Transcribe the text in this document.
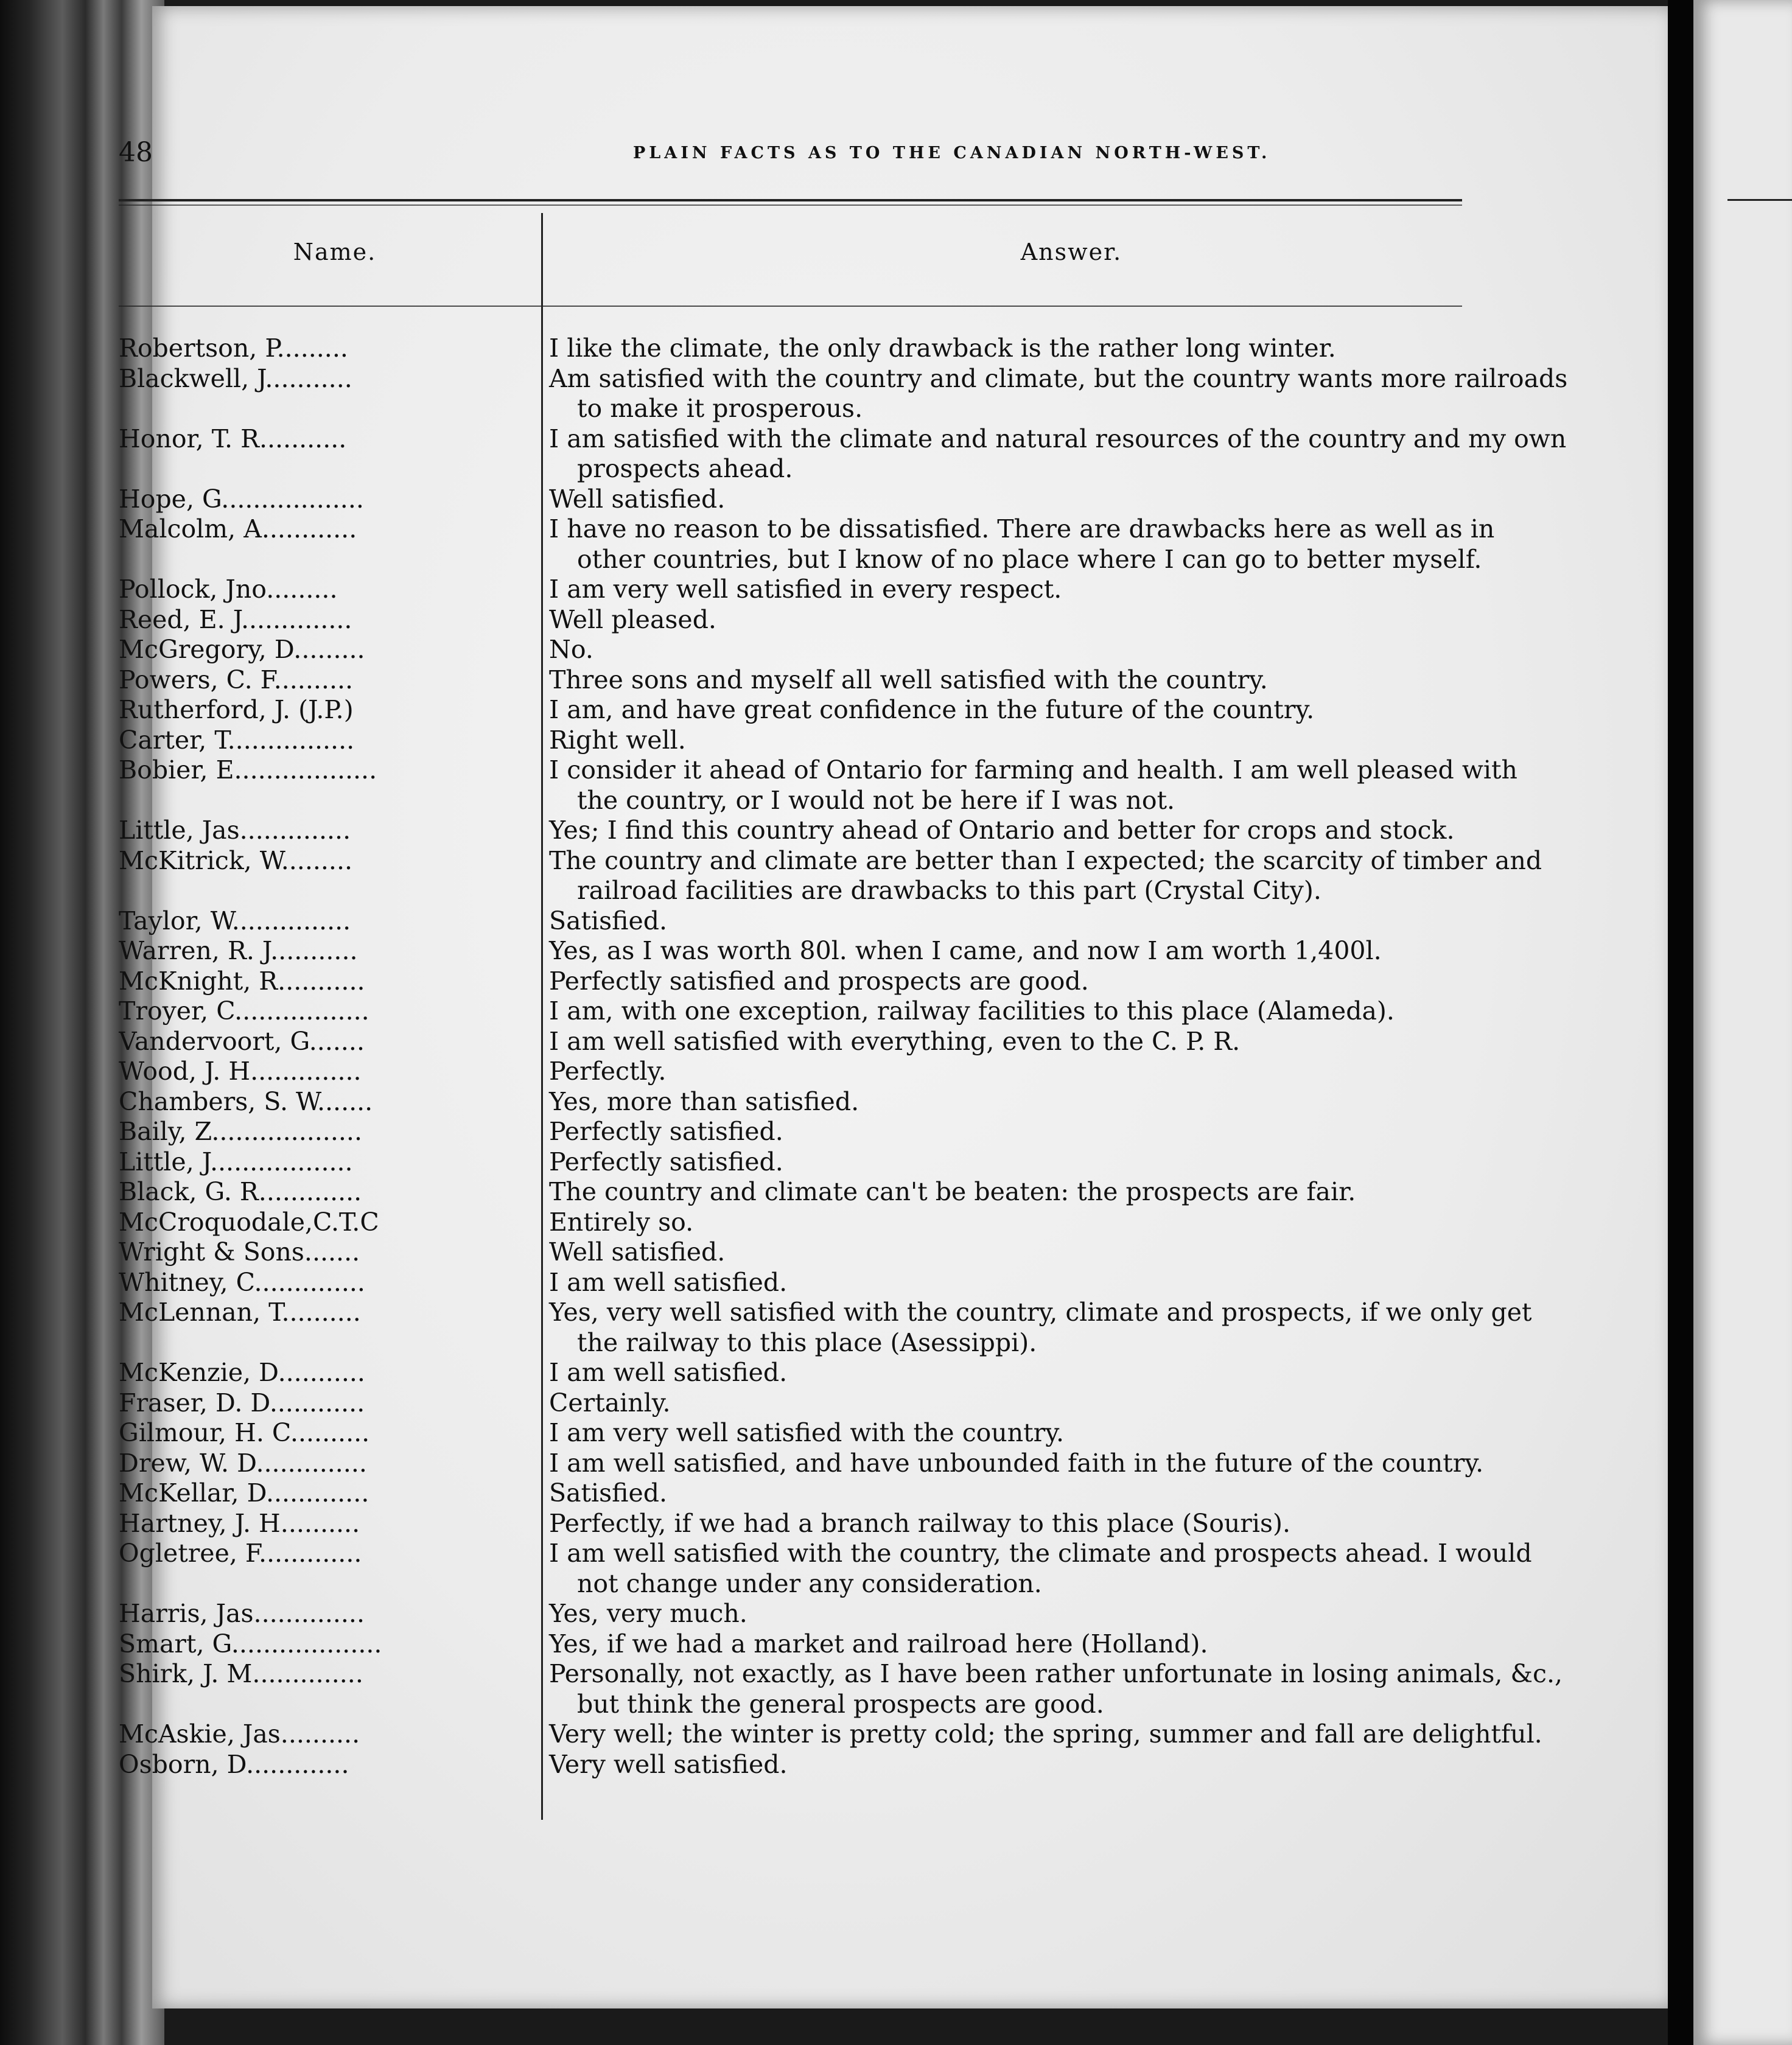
48	PLAIN FACTS AS TO THE CANADIAN NORTH-WEST.
Name.	Answer.
Robertson, P.........	I like the climate, the only drawback is the rather long winter.
Blackwell, J...........	Am satisfied with the country and climate, but the country wants more railroads
to make it prosperous.
Honor, T. R...........	I am satisfied with the climate and natural resources of the country and my own
prospects ahead.
Hope, G..................	Well satisfied.
Malcolm, A............	I have no reason to be dissatisfied. There are drawbacks here as well as in
other countries, but I know of no place where I can go to better myself.
Pollock, Jno.........	I am very well satisfied in every respect.
Reed, E. J..............	Well pleased.
McGregory, D.........	No.
Powers, C. F..........	Three sons and myself all well satisfied with the country.
Rutherford, J. (J.P.)	I am, and have great confidence in the future of the country.
Carter, T................	Right well.
Bobier, E..................	I consider it ahead of Ontario for farming and health. I am well pleased with
the country, or I would not be here if I was not.
Little, Jas..............	Yes; I find this country ahead of Ontario and better for crops and stock.
McKitrick, W.........	The country and climate are better than I expected; the scarcity of timber and
railroad facilities are drawbacks to this part (Crystal City).
Taylor, W...............	Satisfied.
Warren, R. J...........	Yes, as I was worth 80l. when I came, and now I am worth 1,400l.
McKnight, R...........	Perfectly satisfied and prospects are good.
Troyer, C.................	I am, with one exception, railway facilities to this place (Alameda).
Vandervoort, G.......	I am well satisfied with everything, even to the C. P. R.
Wood, J. H..............	Perfectly.
Chambers, S. W.......	Yes, more than satisfied.
Baily, Z...................	Perfectly satisfied.
Little, J..................	Perfectly satisfied.
Black, G. R.............	The country and climate can't be beaten: the prospects are fair.
McCroquodale,C.T.C	Entirely so.
Wright & Sons.......	Well satisfied.
Whitney, C..............	I am well satisfied.
McLennan, T..........	Yes, very well satisfied with the country, climate and prospects, if we only get
the railway to this place (Asessippi).
McKenzie, D...........	I am well satisfied.
Fraser, D. D............	Certainly.
Gilmour, H. C..........	I am very well satisfied with the country.
Drew, W. D..............	I am well satisfied, and have unbounded faith in the future of the country.
McKellar, D.............	Satisfied.
Hartney, J. H..........	Perfectly, if we had a branch railway to this place (Souris).
Ogletree, F.............	I am well satisfied with the country, the climate and prospects ahead. I would
not change under any consideration.
Harris, Jas..............	Yes, very much.
Smart, G...................	Yes, if we had a market and railroad here (Holland).
Shirk, J. M..............	Personally, not exactly, as I have been rather unfortunate in losing animals, &c.,
but think the general prospects are good.
McAskie, Jas..........	Very well; the winter is pretty cold; the spring, summer and fall are delightful.
Osborn, D.............	Very well satisfied.
